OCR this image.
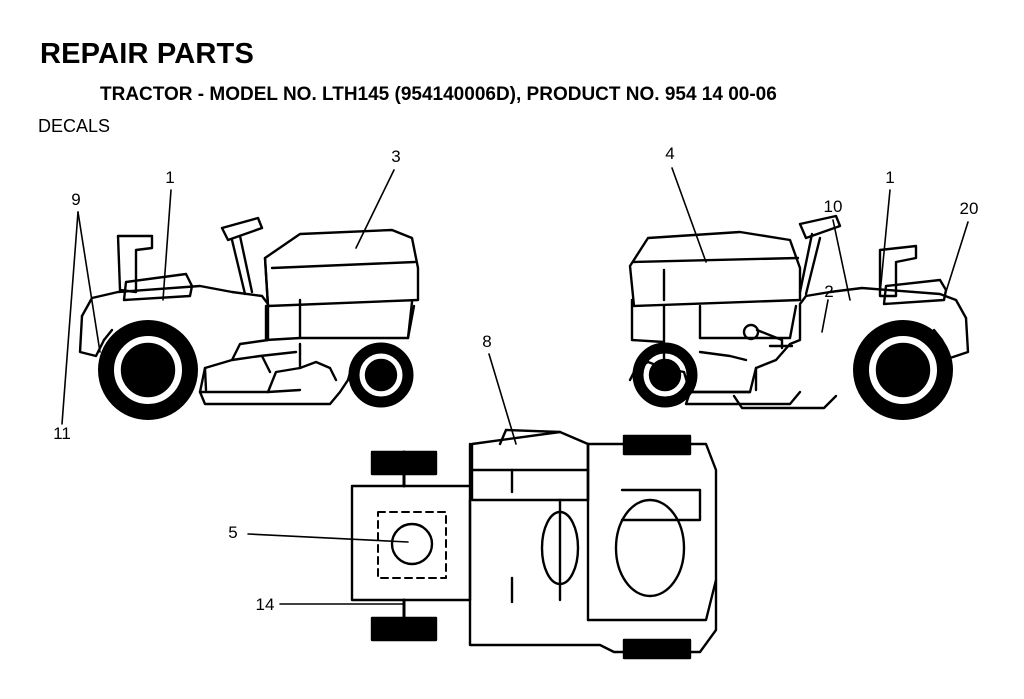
REPAIR PARTS
TRACTOR - MODEL NO. LTH145 (954140006D), PRODUCT NO. 954 14 00-06
DECALS
9
1
3
11
4
10
1
20
2
8
5
14
